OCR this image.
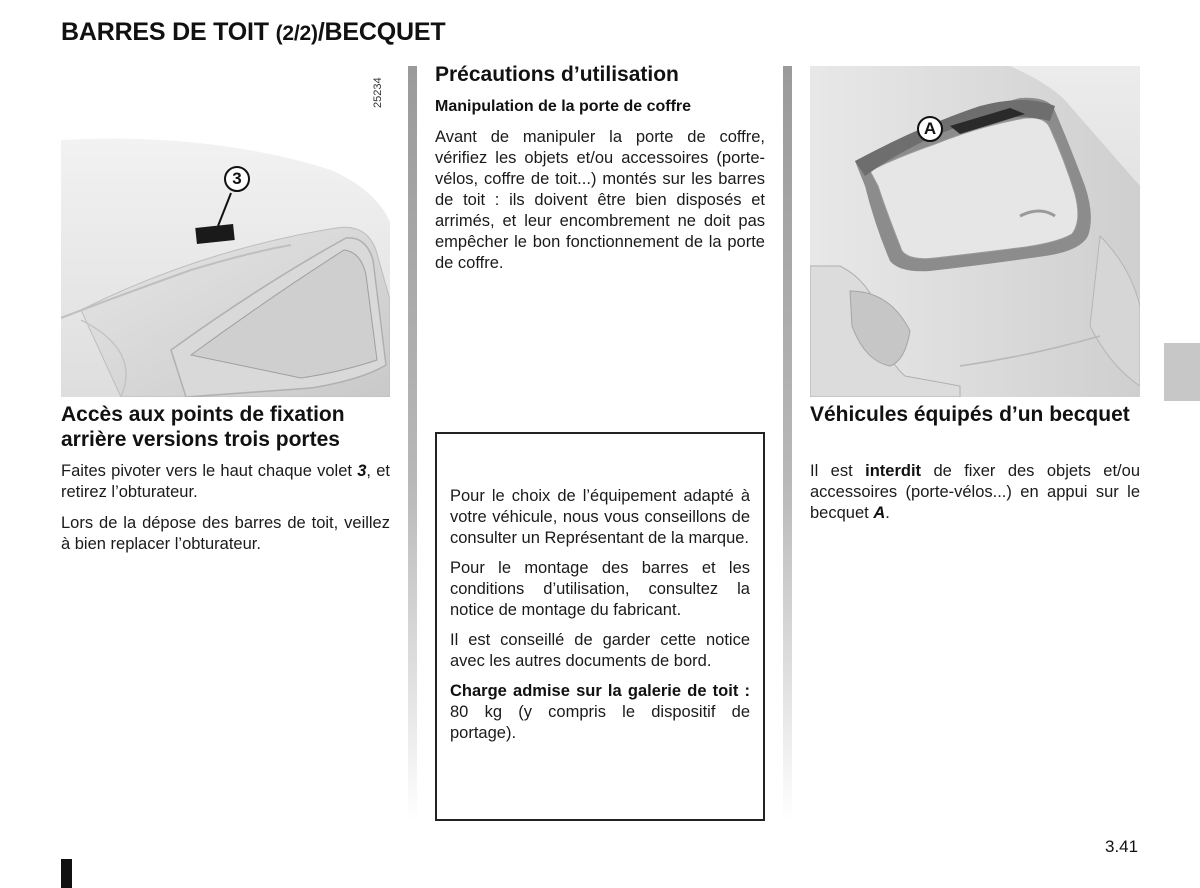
BARRES DE TOIT (2/2)/BECQUET
25234
3
Accès aux points de fixation arrière versions trois portes
Faites pivoter vers le haut chaque volet 3, et retirez l’obturateur.
Lors de la dépose des barres de toit, veillez à bien replacer l’obturateur.
Précautions d’utilisation
Manipulation de la porte de coffre
Avant de manipuler la porte de coffre, vérifiez les objets et/ou accessoires (porte-vélos, coffre de toit...) montés sur les barres de toit : ils doivent être bien disposés et arrimés, et leur encombrement ne doit pas empêcher le bon fonctionnement de la porte de coffre.
Pour le choix de l’équipement adapté à votre véhicule, nous vous conseillons de consulter un Représentant de la marque.
Pour le montage des barres et les conditions d’utilisation, consultez la notice de montage du fabricant.
Il est conseillé de garder cette notice avec les autres documents de bord.
Charge admise sur la galerie de toit : 80 kg (y compris le dispositif de portage).
A
Véhicules équipés d’un becquet
Il est interdit de fixer des objets et/ou accessoires (porte-vélos...) en appui sur le becquet A.
3.41
